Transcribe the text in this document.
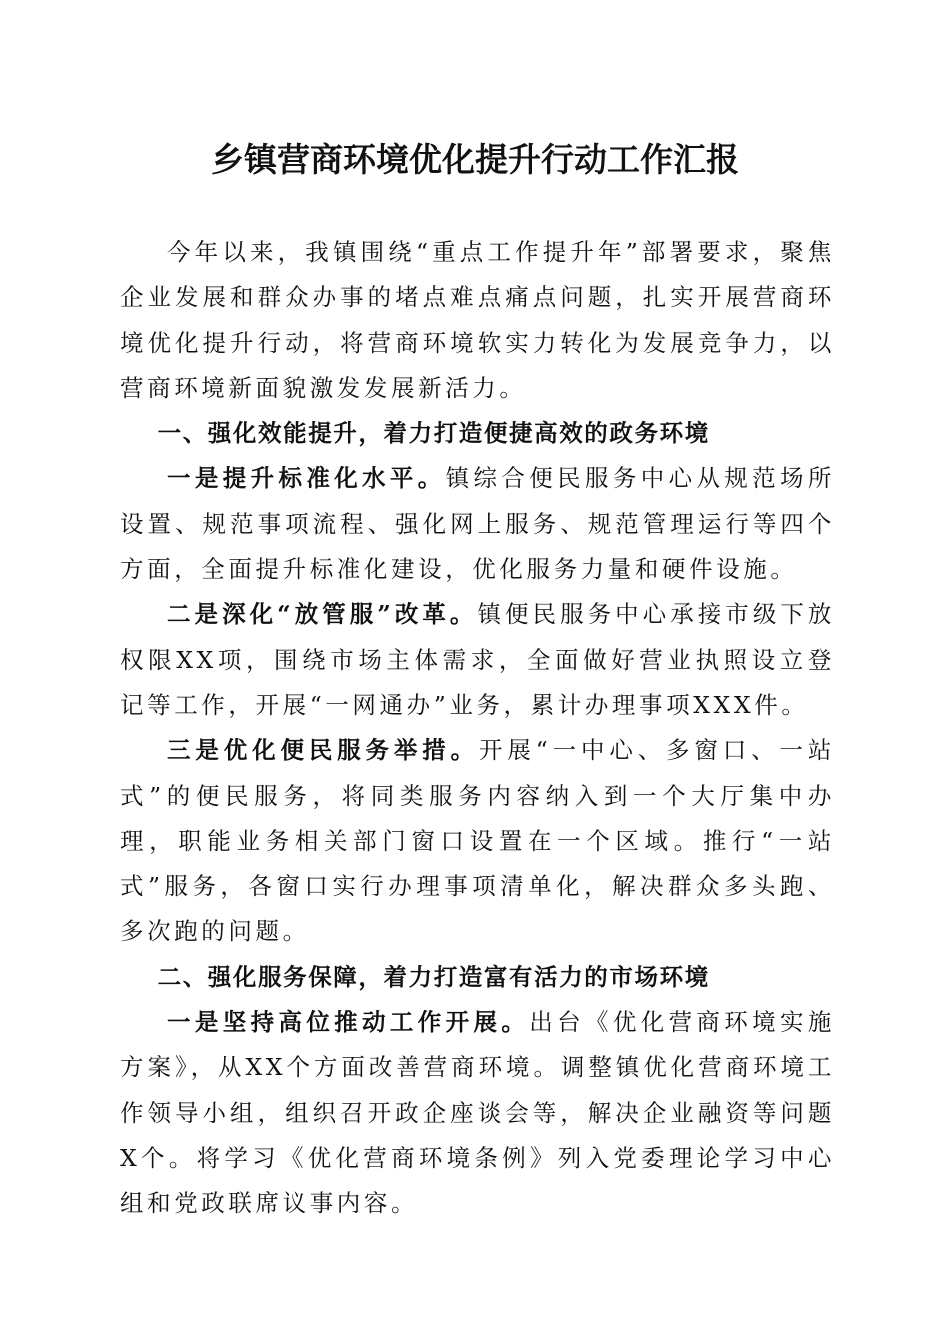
乡镇营商环境优化提升行动工作汇报

今年以来，我镇围绕“重点工作提升年”部署要求，聚焦企业发展和群众办事的堵点难点痛点问题，扎实开展营商环境优化提升行动，将营商环境软实力转化为发展竞争力，以营商环境新面貌激发发展新活力。

一、强化效能提升，着力打造便捷高效的政务环境

一是提升标准化水平。镇综合便民服务中心从规范场所设置、规范事项流程、强化网上服务、规范管理运行等四个方面，全面提升标准化建设，优化服务力量和硬件设施。

二是深化“放管服”改革。镇便民服务中心承接市级下放权限XX项，围绕市场主体需求，全面做好营业执照设立登记等工作，开展“一网通办”业务，累计办理事项XXX件。

三是优化便民服务举措。开展“一中心、多窗口、一站式”的便民服务，将同类服务内容纳入到一个大厅集中办理，职能业务相关部门窗口设置在一个区域。推行“一站式”服务，各窗口实行办理事项清单化，解决群众多头跑、多次跑的问题。

二、强化服务保障，着力打造富有活力的市场环境

一是坚持高位推动工作开展。出台《优化营商环境实施方案》，从XX个方面改善营商环境。调整镇优化营商环境工作领导小组，组织召开政企座谈会等，解决企业融资等问题X个。将学习《优化营商环境条例》列入党委理论学习中心组和党政联席议事内容。
